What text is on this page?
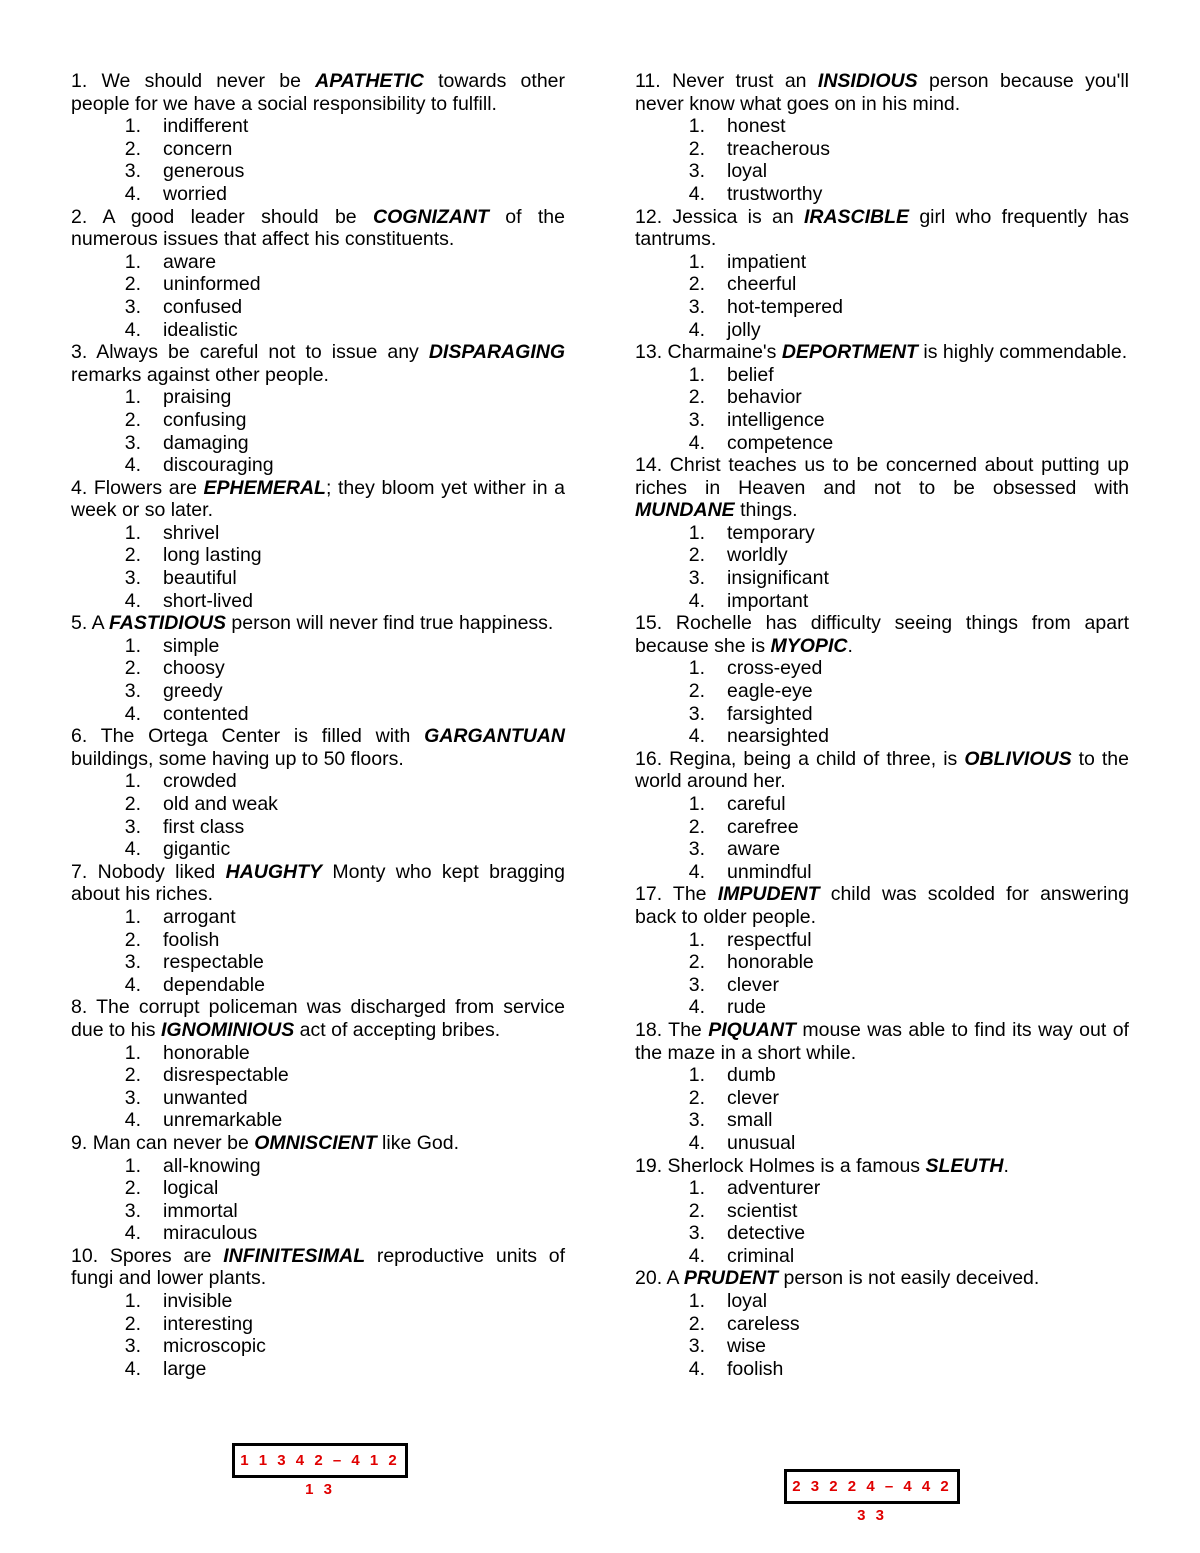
1. We should never be APATHETIC towards other people for we have a social responsibility to fulfill.

1. indifferent
2. concern
3. generous
4. worried

2. A good leader should be COGNIZANT of the numerous issues that affect his constituents.

1. aware
2. uninformed
3. confused
4. idealistic

3. Always be careful not to issue any DISPARAGING remarks against other people.

1. praising
2. confusing
3. damaging
4. discouraging

4. Flowers are EPHEMERAL; they bloom yet wither in a week or so later.

1. shrivel
2. long lasting
3. beautiful
4. short-lived

5. A FASTIDIOUS person will never find true happiness.

1. simple
2. choosy
3. greedy
4. contented

6. The Ortega Center is filled with GARGANTUAN buildings, some having up to 50 floors.

1. crowded
2. old and weak
3. first class
4. gigantic

7. Nobody liked HAUGHTY Monty who kept bragging about his riches.

1. arrogant
2. foolish
3. respectable
4. dependable

8. The corrupt policeman was discharged from service due to his IGNOMINIOUS act of accepting bribes.

1. honorable
2. disrespectable
3. unwanted
4. unremarkable

9. Man can never be OMNISCIENT like God.

1. all-knowing
2. logical
3. immortal
4. miraculous

10. Spores are INFINITESIMAL reproductive units of fungi and lower plants.

1. invisible
2. interesting
3. microscopic
4. large

11. Never trust an INSIDIOUS person because you'll never know what goes on in his mind.

1. honest
2. treacherous
3. loyal
4. trustworthy

12. Jessica is an IRASCIBLE girl who frequently has tantrums.

1. impatient
2. cheerful
3. hot-tempered
4. jolly

13. Charmaine's DEPORTMENT is highly commendable.

1. belief
2. behavior
3. intelligence
4. competence

14. Christ teaches us to be concerned about putting up riches in Heaven and not to be obsessed with MUNDANE things.

1. temporary
2. worldly
3. insignificant
4. important

15. Rochelle has difficulty seeing things from apart because she is MYOPIC.

1. cross-eyed
2. eagle-eye
3. farsighted
4. nearsighted

16. Regina, being a child of three, is OBLIVIOUS to the world around her.

1. careful
2. carefree
3. aware
4. unmindful

17. The IMPUDENT child was scolded for answering back to older people.

1. respectful
2. honorable
3. clever
4. rude

18. The PIQUANT mouse was able to find its way out of the maze in a short while.

1. dumb
2. clever
3. small
4. unusual

19. Sherlock Holmes is a famous SLEUTH.

1. adventurer
2. scientist
3. detective
4. criminal

20. A PRUDENT person is not easily deceived.

1. loyal
2. careless
3. wise
4. foolish
1 1 3 4 2 – 4 1 2 1 3	2 3 2 2 4 – 4 4 2 3 3
